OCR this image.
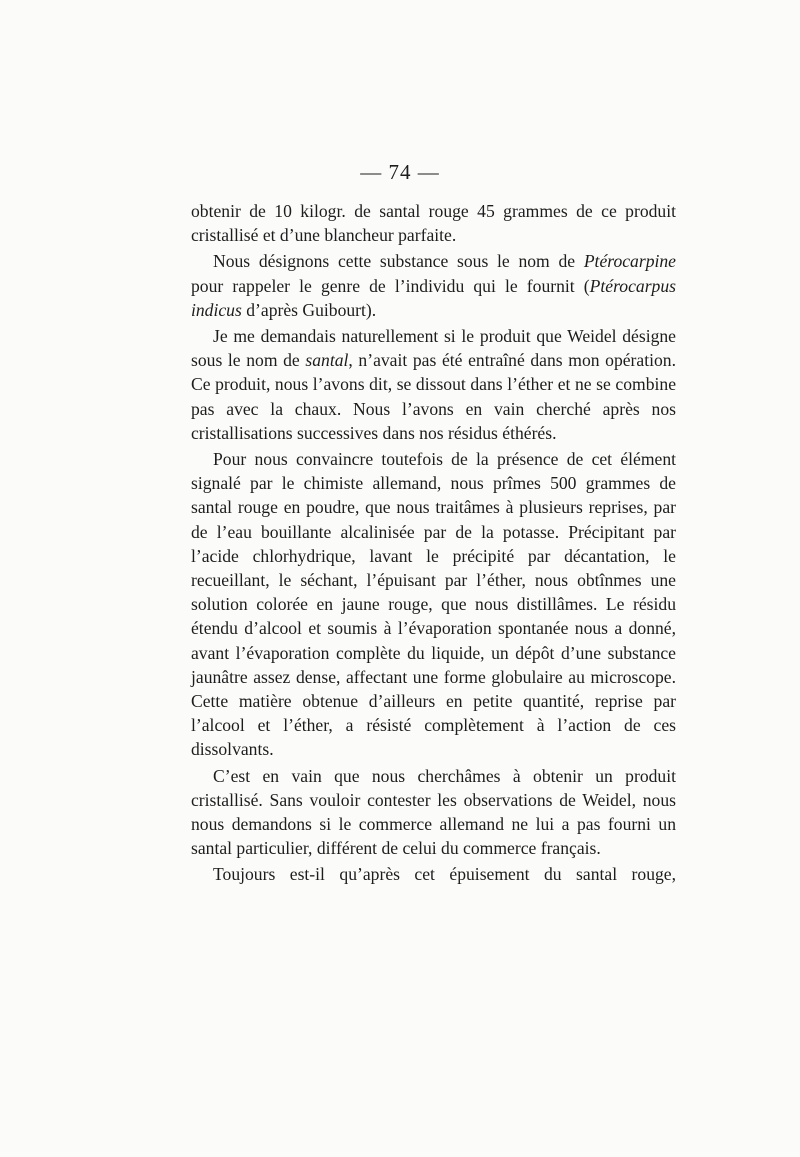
— 74 —

obtenir de 10 kilogr. de santal rouge 45 grammes de ce produit cristallisé et d’une blancheur parfaite.

Nous désignons cette substance sous le nom de Ptérocarpine pour rappeler le genre de l’individu qui le fournit (Ptérocarpus indicus d’après Guibourt).

Je me demandais naturellement si le produit que Weidel désigne sous le nom de santal, n’avait pas été entraîné dans mon opération. Ce produit, nous l’avons dit, se dissout dans l’éther et ne se combine pas avec la chaux. Nous l’avons en vain cherché après nos cristallisations successives dans nos résidus éthérés.

Pour nous convaincre toutefois de la présence de cet élément signalé par le chimiste allemand, nous prîmes 500 grammes de santal rouge en poudre, que nous traitâmes à plusieurs reprises, par de l’eau bouillante alcalinisée par de la potasse. Précipitant par l’acide chlorhydrique, lavant le précipité par décantation, le recueillant, le séchant, l’épuisant par l’éther, nous obtînmes une solution colorée en jaune rouge, que nous distillâmes. Le résidu étendu d’alcool et soumis à l’évaporation spontanée nous a donné, avant l’évaporation complète du liquide, un dépôt d’une substance jaunâtre assez dense, affectant une forme globulaire au microscope. Cette matière obtenue d’ailleurs en petite quantité, reprise par l’alcool et l’éther, a résisté complètement à l’action de ces dissolvants.

C’est en vain que nous cherchâmes à obtenir un produit cristallisé. Sans vouloir contester les observations de Weidel, nous nous demandons si le commerce allemand ne lui a pas fourni un santal particulier, différent de celui du commerce français.

Toujours est-il qu’après cet épuisement du santal rouge,
